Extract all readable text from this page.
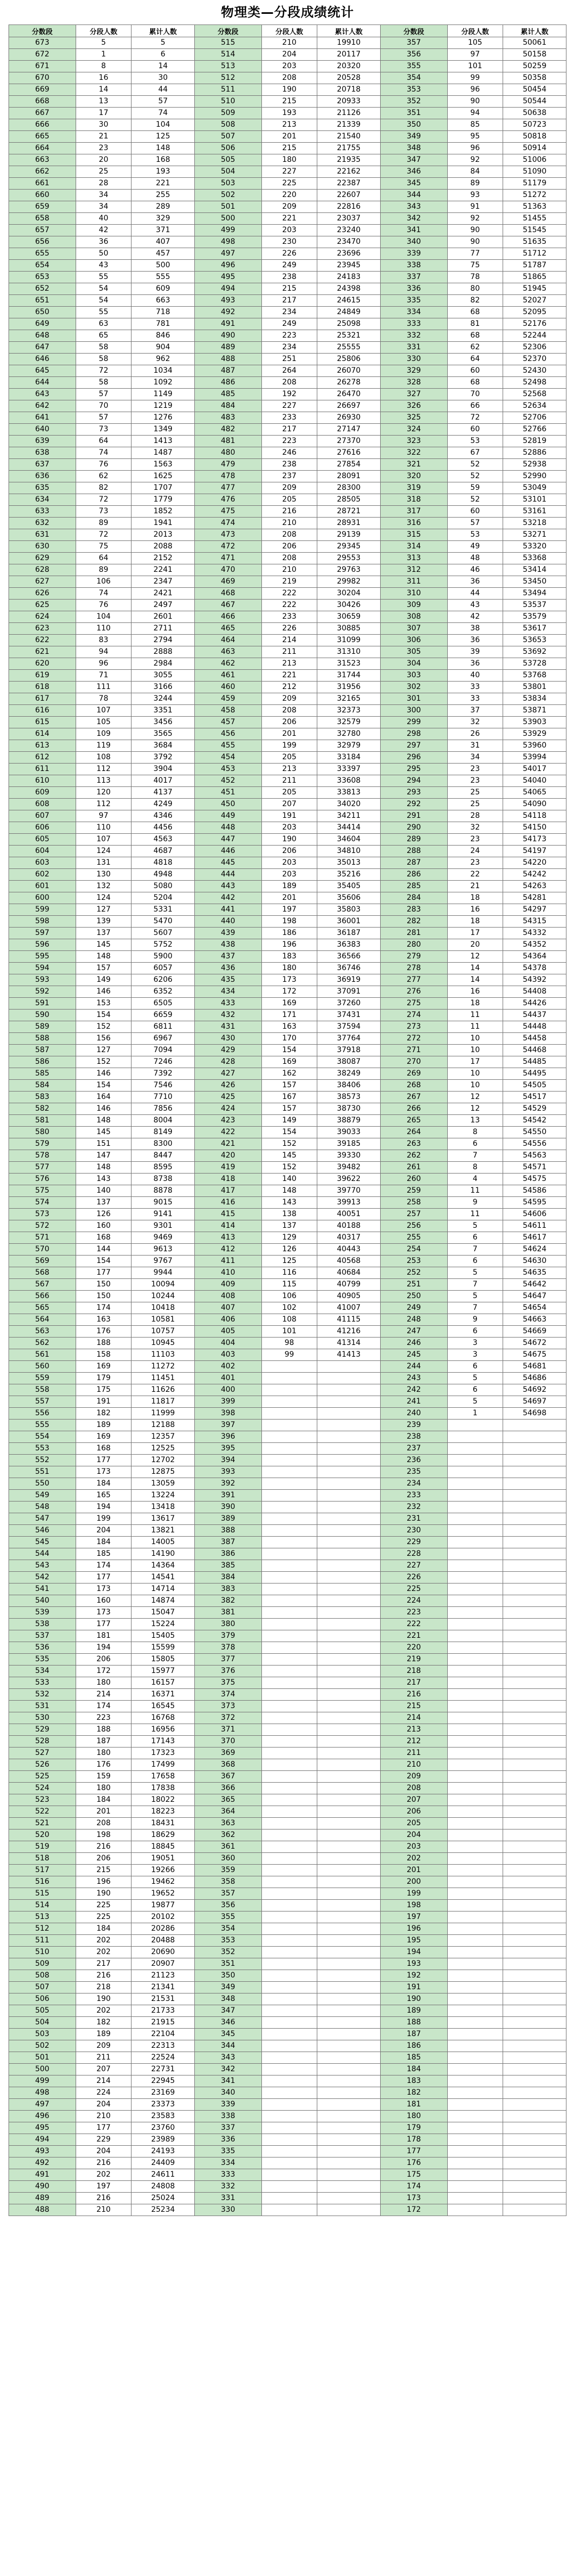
物理类—分段成绩统计
分数段	分段人数	累计人数	分数段	分段人数	累计人数	分数段	分段人数	累计人数
673	5	5	515	210	19910	357	105	50061
672	1	6	514	204	20117	356	97	50158
671	8	14	513	203	20320	355	101	50259
670	16	30	512	208	20528	354	99	50358
669	14	44	511	190	20718	353	96	50454
668	13	57	510	215	20933	352	90	50544
667	17	74	509	193	21126	351	94	50638
666	30	104	508	213	21339	350	85	50723
665	21	125	507	201	21540	349	95	50818
664	23	148	506	215	21755	348	96	50914
663	20	168	505	180	21935	347	92	51006
662	25	193	504	227	22162	346	84	51090
661	28	221	503	225	22387	345	89	51179
660	34	255	502	220	22607	344	93	51272
659	34	289	501	209	22816	343	91	51363
658	40	329	500	221	23037	342	92	51455
657	42	371	499	203	23240	341	90	51545
656	36	407	498	230	23470	340	90	51635
655	50	457	497	226	23696	339	77	51712
654	43	500	496	249	23945	338	75	51787
653	55	555	495	238	24183	337	78	51865
652	54	609	494	215	24398	336	80	51945
651	54	663	493	217	24615	335	82	52027
650	55	718	492	234	24849	334	68	52095
649	63	781	491	249	25098	333	81	52176
648	65	846	490	223	25321	332	68	52244
647	58	904	489	234	25555	331	62	52306
646	58	962	488	251	25806	330	64	52370
645	72	1034	487	264	26070	329	60	52430
644	58	1092	486	208	26278	328	68	52498
643	57	1149	485	192	26470	327	70	52568
642	70	1219	484	227	26697	326	66	52634
641	57	1276	483	233	26930	325	72	52706
640	73	1349	482	217	27147	324	60	52766
639	64	1413	481	223	27370	323	53	52819
638	74	1487	480	246	27616	322	67	52886
637	76	1563	479	238	27854	321	52	52938
636	62	1625	478	237	28091	320	52	52990
635	82	1707	477	209	28300	319	59	53049
634	72	1779	476	205	28505	318	52	53101
633	73	1852	475	216	28721	317	60	53161
632	89	1941	474	210	28931	316	57	53218
631	72	2013	473	208	29139	315	53	53271
630	75	2088	472	206	29345	314	49	53320
629	64	2152	471	208	29553	313	48	53368
628	89	2241	470	210	29763	312	46	53414
627	106	2347	469	219	29982	311	36	53450
626	74	2421	468	222	30204	310	44	53494
625	76	2497	467	222	30426	309	43	53537
624	104	2601	466	233	30659	308	42	53579
623	110	2711	465	226	30885	307	38	53617
622	83	2794	464	214	31099	306	36	53653
621	94	2888	463	211	31310	305	39	53692
620	96	2984	462	213	31523	304	36	53728
619	71	3055	461	221	31744	303	40	53768
618	111	3166	460	212	31956	302	33	53801
617	78	3244	459	209	32165	301	33	53834
616	107	3351	458	208	32373	300	37	53871
615	105	3456	457	206	32579	299	32	53903
614	109	3565	456	201	32780	298	26	53929
613	119	3684	455	199	32979	297	31	53960
612	108	3792	454	205	33184	296	34	53994
611	112	3904	453	213	33397	295	23	54017
610	113	4017	452	211	33608	294	23	54040
609	120	4137	451	205	33813	293	25	54065
608	112	4249	450	207	34020	292	25	54090
607	97	4346	449	191	34211	291	28	54118
606	110	4456	448	203	34414	290	32	54150
605	107	4563	447	190	34604	289	23	54173
604	124	4687	446	206	34810	288	24	54197
603	131	4818	445	203	35013	287	23	54220
602	130	4948	444	203	35216	286	22	54242
601	132	5080	443	189	35405	285	21	54263
600	124	5204	442	201	35606	284	18	54281
599	127	5331	441	197	35803	283	16	54297
598	139	5470	440	198	36001	282	18	54315
597	137	5607	439	186	36187	281	17	54332
596	145	5752	438	196	36383	280	20	54352
595	148	5900	437	183	36566	279	12	54364
594	157	6057	436	180	36746	278	14	54378
593	149	6206	435	173	36919	277	14	54392
592	146	6352	434	172	37091	276	16	54408
591	153	6505	433	169	37260	275	18	54426
590	154	6659	432	171	37431	274	11	54437
589	152	6811	431	163	37594	273	11	54448
588	156	6967	430	170	37764	272	10	54458
587	127	7094	429	154	37918	271	10	54468
586	152	7246	428	169	38087	270	17	54485
585	146	7392	427	162	38249	269	10	54495
584	154	7546	426	157	38406	268	10	54505
583	164	7710	425	167	38573	267	12	54517
582	146	7856	424	157	38730	266	12	54529
581	148	8004	423	149	38879	265	13	54542
580	145	8149	422	154	39033	264	8	54550
579	151	8300	421	152	39185	263	6	54556
578	147	8447	420	145	39330	262	7	54563
577	148	8595	419	152	39482	261	8	54571
576	143	8738	418	140	39622	260	4	54575
575	140	8878	417	148	39770	259	11	54586
574	137	9015	416	143	39913	258	9	54595
573	126	9141	415	138	40051	257	11	54606
572	160	9301	414	137	40188	256	5	54611
571	168	9469	413	129	40317	255	6	54617
570	144	9613	412	126	40443	254	7	54624
569	154	9767	411	125	40568	253	6	54630
568	177	9944	410	116	40684	252	5	54635
567	150	10094	409	115	40799	251	7	54642
566	150	10244	408	106	40905	250	5	54647
565	174	10418	407	102	41007	249	7	54654
564	163	10581	406	108	41115	248	9	54663
563	176	10757	405	101	41216	247	6	54669
562	188	10945	404	98	41314	246	3	54672
561	158	11103	403	99	41413	245	3	54675
560	169	11272	402			244	6	54681
559	179	11451	401			243	5	54686
558	175	11626	400			242	6	54692
557	191	11817	399			241	5	54697
556	182	11999	398			240	1	54698
555	189	12188	397			239		
554	169	12357	396			238		
553	168	12525	395			237		
552	177	12702	394			236		
551	173	12875	393			235		
550	184	13059	392			234		
549	165	13224	391			233		
548	194	13418	390			232		
547	199	13617	389			231		
546	204	13821	388			230		
545	184	14005	387			229		
544	185	14190	386			228		
543	174	14364	385			227		
542	177	14541	384			226		
541	173	14714	383			225		
540	160	14874	382			224		
539	173	15047	381			223		
538	177	15224	380			222		
537	181	15405	379			221		
536	194	15599	378			220		
535	206	15805	377			219		
534	172	15977	376			218		
533	180	16157	375			217		
532	214	16371	374			216		
531	174	16545	373			215		
530	223	16768	372			214		
529	188	16956	371			213		
528	187	17143	370			212		
527	180	17323	369			211		
526	176	17499	368			210		
525	159	17658	367			209		
524	180	17838	366			208		
523	184	18022	365			207		
522	201	18223	364			206		
521	208	18431	363			205		
520	198	18629	362			204		
519	216	18845	361			203		
518	206	19051	360			202		
517	215	19266	359			201		
516	196	19462	358			200		
515	190	19652	357			199		
514	225	19877	356			198		
513	225	20102	355			197		
512	184	20286	354			196		
511	202	20488	353			195		
510	202	20690	352			194		
509	217	20907	351			193		
508	216	21123	350			192		
507	218	21341	349			191		
506	190	21531	348			190		
505	202	21733	347			189		
504	182	21915	346			188		
503	189	22104	345			187		
502	209	22313	344			186		
501	211	22524	343			185		
500	207	22731	342			184		
499	214	22945	341			183		
498	224	23169	340			182		
497	204	23373	339			181		
496	210	23583	338			180		
495	177	23760	337			179		
494	229	23989	336			178		
493	204	24193	335			177		
492	216	24409	334			176		
491	202	24611	333			175		
490	197	24808	332			174		
489	216	25024	331			173		
488	210	25234	330			172		
